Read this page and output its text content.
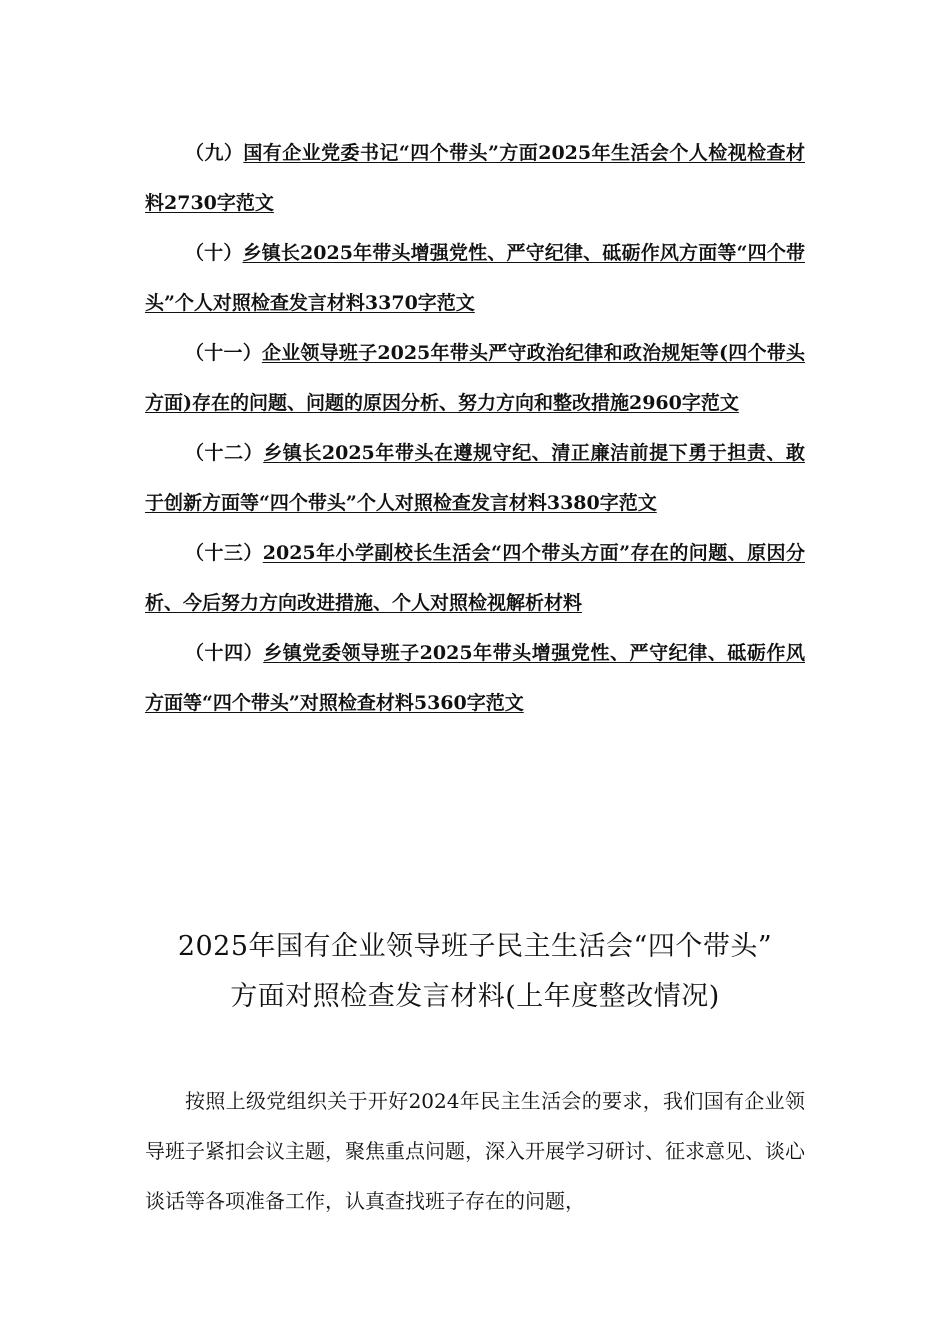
（九）国有企业党委书记“四个带头”方面2025年生活会个人检视检查材料2730字范文

（十）乡镇长2025年带头增强党性、严守纪律、砥砺作风方面等“四个带头”个人对照检查发言材料3370字范文

（十一）企业领导班子2025年带头严守政治纪律和政治规矩等(四个带头方面)存在的问题、问题的原因分析、努力方向和整改措施2960字范文

（十二）乡镇长2025年带头在遵规守纪、清正廉洁前提下勇于担责、敢于创新方面等“四个带头”个人对照检查发言材料3380字范文

（十三）2025年小学副校长生活会“四个带头方面”存在的问题、原因分析、今后努力方向改进措施、个人对照检视解析材料

（十四）乡镇党委领导班子2025年带头增强党性、严守纪律、砥砺作风方面等“四个带头”对照检查材料5360字范文

2025年国有企业领导班子民主生活会“四个带头”
方面对照检查发言材料(上年度整改情况)

按照上级党组织关于开好2024年民主生活会的要求，我们国有企业领导班子紧扣会议主题，聚焦重点问题，深入开展学习研讨、征求意见、谈心谈话等各项准备工作，认真查找班子存在的问题，
